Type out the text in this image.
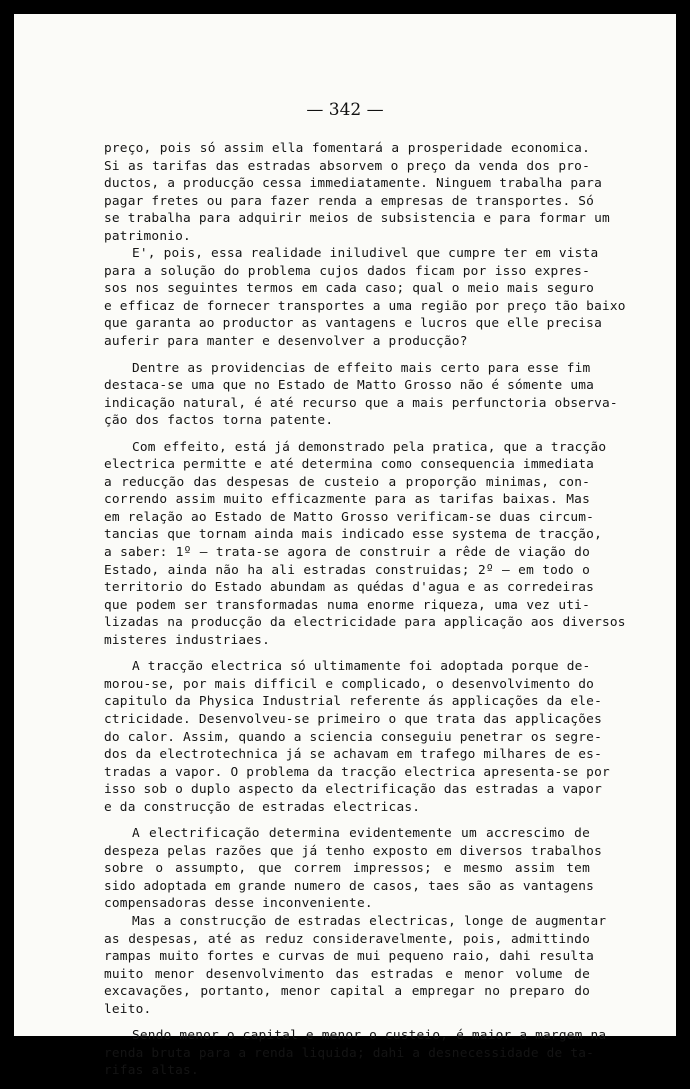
— 342 —
preço, pois só assim ella fomentará a prosperidade economica.
Si as tarifas das estradas absorvem o preço da venda dos pro-
ductos, a producção cessa immediatamente. Ninguem trabalha para
pagar fretes ou para fazer renda a empresas de transportes. Só
se trabalha para adquirir meios de subsistencia e para formar um
patrimonio.
E', pois, essa realidade iniludivel que cumpre ter em vista
para a solução do problema cujos dados ficam por isso expres-
sos nos seguintes termos em cada caso; qual o meio mais seguro
e efficaz de fornecer transportes a uma região por preço tão baixo
que garanta ao productor as vantagens e lucros que elle precisa
auferir para manter e desenvolver a producção?
Dentre as providencias de effeito mais certo para esse fim
destaca-se uma que no Estado de Matto Grosso não é sómente uma
indicação natural, é até recurso que a mais perfunctoria observa-
ção dos factos torna patente.
Com effeito, está já demonstrado pela pratica, que a tracção
electrica permitte e até determina como consequencia immediata
a reducção das despesas de custeio a proporção minimas, con-
correndo assim muito efficazmente para as tarifas baixas. Mas
em relação ao Estado de Matto Grosso verificam-se duas circum-
tancias que tornam ainda mais indicado esse systema de tracção,
a saber: 1º — trata-se agora de construir a rêde de viação do
Estado, ainda não ha ali estradas construidas; 2º — em todo o
territorio do Estado abundam as quédas d'agua e as corredeiras
que podem ser transformadas numa enorme riqueza, uma vez uti-
lizadas na producção da electricidade para applicação aos diversos
misteres industriaes.
A tracção electrica só ultimamente foi adoptada porque de-
morou-se, por mais difficil e complicado, o desenvolvimento do
capitulo da Physica Industrial referente ás applicações da ele-
ctricidade. Desenvolveu-se primeiro o que trata das applicações
do calor. Assim, quando a sciencia conseguiu penetrar os segre-
dos da electrotechnica já se achavam em trafego milhares de es-
tradas a vapor. O problema da tracção electrica apresenta-se por
isso sob o duplo aspecto da electrificação das estradas a vapor
e da construcção de estradas electricas.
A electrificação determina evidentemente um accrescimo de
despeza pelas razões que já tenho exposto em diversos trabalhos
sobre o assumpto, que correm impressos; e mesmo assim tem
sido adoptada em grande numero de casos, taes são as vantagens
compensadoras desse inconveniente.
Mas a construcção de estradas electricas, longe de augmentar
as despesas, até as reduz consideravelmente, pois, admittindo
rampas muito fortes e curvas de mui pequeno raio, dahi resulta
muito menor desenvolvimento das estradas e menor volume de
excavações, portanto, menor capital a empregar no preparo do
leito.
Sendo menor o capital e menor o custeio, é maior a margem na
renda bruta para a renda liquida; dahi a desnecessidade de ta-
rifas altas.
